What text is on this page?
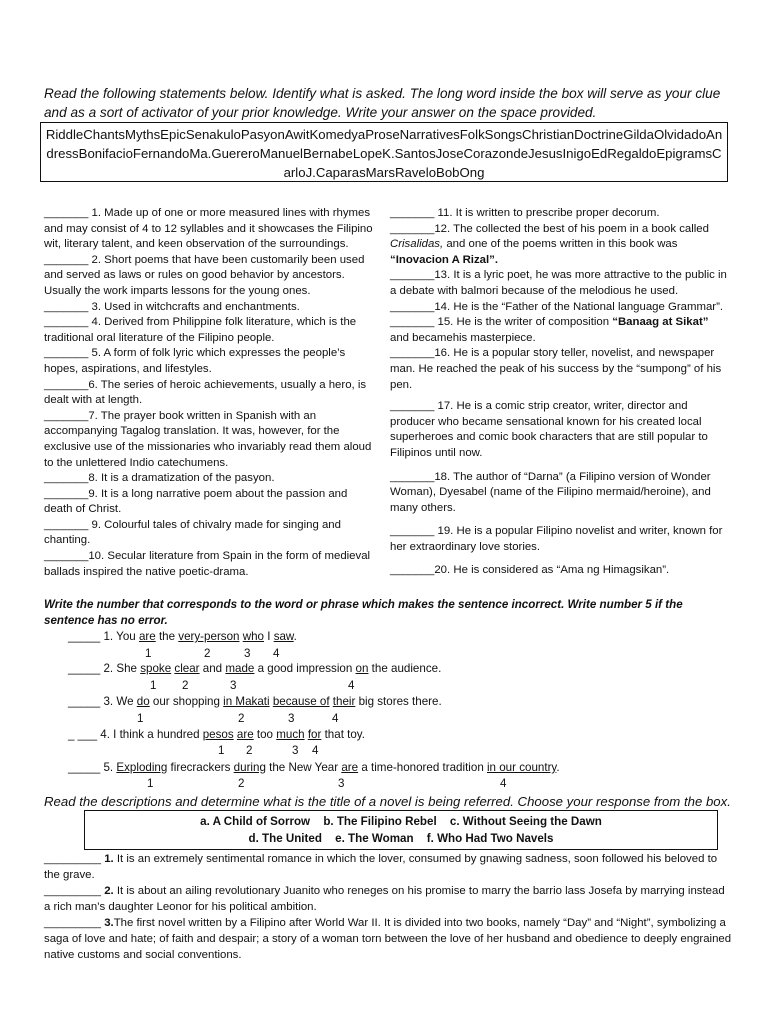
Read the following statements below. Identify what is asked. The long word inside the box will serve as your clue and as a sort of activator of your prior knowledge. Write your answer on the space provided.
RiddleChantsMythsEpicSenakuloPasyonAwitKomedyaProseNarrativesFolkSongsChristianDoctrineGildaOlvidadoAndressBonifacioFernandoMa.GuereroManuelBernabeLopeK.SantosJoseCorazondeJesusInigoEdRegaldoEpigramsCarloJ.CaparasMarsRaveloBobOng

_______ 1. Made up of one or more measured lines with rhymes and may consist of 4 to 12 syllables and it showcases the Filipino wit, literary talent, and keen observation of the surroundings.

_______ 2. Short poems that have been customarily been used and served as laws or rules on good behavior by ancestors. Usually the work imparts lessons for the young ones.

_______ 3. Used in witchcrafts and enchantments.

_______ 4. Derived from Philippine folk literature, which is the traditional oral literature of the Filipino people.

_______ 5. A form of folk lyric which expresses the people’s hopes, aspirations, and lifestyles.

_______6. The series of heroic achievements, usually a hero, is dealt with at length.

_______7. The prayer book written in Spanish with an accompanying Tagalog translation. It was, however, for the exclusive use of the missionaries who invariably read them aloud to the unlettered Indio catechumens.

_______8. It is a dramatization of the pasyon.

_______9. It is a long narrative poem about the passion and death of Christ.

_______ 9. Colourful tales of chivalry made for singing and chanting.

_______10. Secular literature from Spain in the form of medieval ballads inspired the native poetic-drama.

_______ 11. It is written to prescribe proper decorum.

_______12. The collected the best of his poem in a book called Crisalidas, and one of the poems written in this book was “Inovacion A Rizal”.

_______13. It is a lyric poet, he was more attractive to the public in a debate with balmori because of the melodious he used.

_______14. He is the “Father of the National language Grammar”.

_______ 15. He is the writer of composition “Banaag at Sikat” and becamehis masterpiece.

_______16. He is a popular story teller, novelist, and newspaper man. He reached the peak of his success by the “sumpong” of his pen.

_______ 17. He is a comic strip creator, writer, director and producer who became sensational known for his created local superheroes and comic book characters that are still popular to Filipinos until now.

_______18. The author of “Darna” (a Filipino version of Wonder Woman), Dyesabel (name of the Filipino mermaid/heroine), and many others.

_______ 19. He is a popular Filipino novelist and writer, known for her extraordinary love stories.

_______20. He is considered as “Ama ng Himagsikan”.

Write the number that corresponds to the word or phrase which makes the sentence incorrect. Write number 5 if the sentence has no error.
_____ 1. You are the very-person who I saw.
1	2	3 4
_____ 2. She spoke clear and made a good impression on the audience.
1 2	3	4
_____ 3. We do our shopping in Makati because of their big stores there.
1	2	3	4
_ ___ 4. I think a hundred pesos are too much for that toy.
1 2	3 4
_____ 5. Exploding firecrackers during the New Year are a time-honored tradition in our country.
1	2	3	4
Read the descriptions and determine what is the title of a novel is being referred. Choose your response from the box.
a. A Child of Sorrow b. The Filipino Rebel c. Without Seeing the Dawn
d. The United e. The Woman f. Who Had Two Navels

_________ 1. It is an extremely sentimental romance in which the lover, consumed by gnawing sadness, soon followed his beloved to the grave.

_________ 2. It is about an ailing revolutionary Juanito who reneges on his promise to marry the barrio lass Josefa by marrying instead a rich man’s daughter Leonor for his political ambition.

_________ 3.The first novel written by a Filipino after World War II. It is divided into two books, namely “Day” and “Night”, symbolizing a saga of love and hate; of faith and despair; a story of a woman torn between the love of her husband and obedience to deeply engrained native customs and social conventions.
